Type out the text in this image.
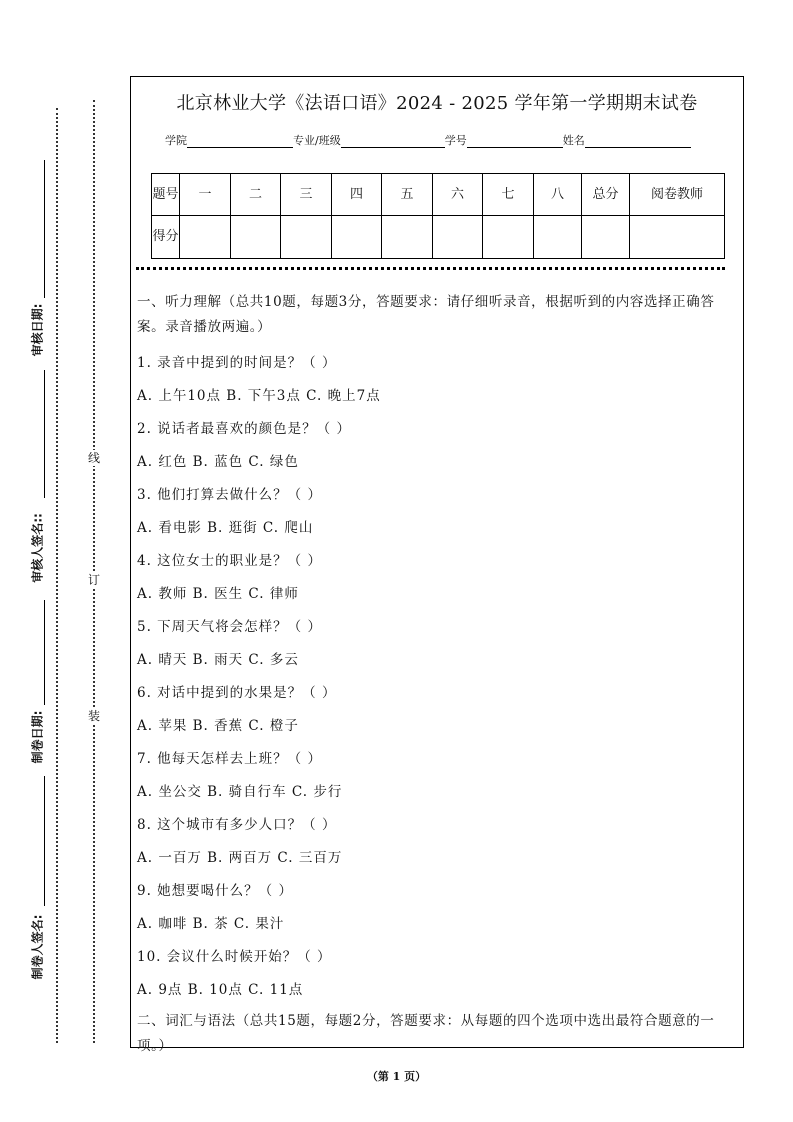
审核日期:
审核人签名::
制卷日期:
制卷人签名:
线
订
装
北京林业大学《法语口语》2024 - 2025 学年第一学期期末试卷
学院	专业/班级	学号	姓名
题号	一	二	三	四	五	六	七	八	总分	阅卷教师
得分										
一、听力理解（总共10题，每题3分，答题要求：请仔细听录音，根据听到的内容选择正确答案。录音播放两遍。）
1. 录音中提到的时间是？（ ）
A. 上午10点 B. 下午3点 C. 晚上7点
2. 说话者最喜欢的颜色是？（ ）
A. 红色 B. 蓝色 C. 绿色
3. 他们打算去做什么？（ ）
A. 看电影 B. 逛街 C. 爬山
4. 这位女士的职业是？（ ）
A. 教师 B. 医生 C. 律师
5. 下周天气将会怎样？（ ）
A. 晴天 B. 雨天 C. 多云
6. 对话中提到的水果是？（ ）
A. 苹果 B. 香蕉 C. 橙子
7. 他每天怎样去上班？（ ）
A. 坐公交 B. 骑自行车 C. 步行
8. 这个城市有多少人口？（ ）
A. 一百万 B. 两百万 C. 三百万
9. 她想要喝什么？（ ）
A. 咖啡 B. 茶 C. 果汁
10. 会议什么时候开始？（ ）
A. 9点 B. 10点 C. 11点
二、词汇与语法（总共15题，每题2分，答题要求：从每题的四个选项中选出最符合题意的一项。）
（第 1 页）
